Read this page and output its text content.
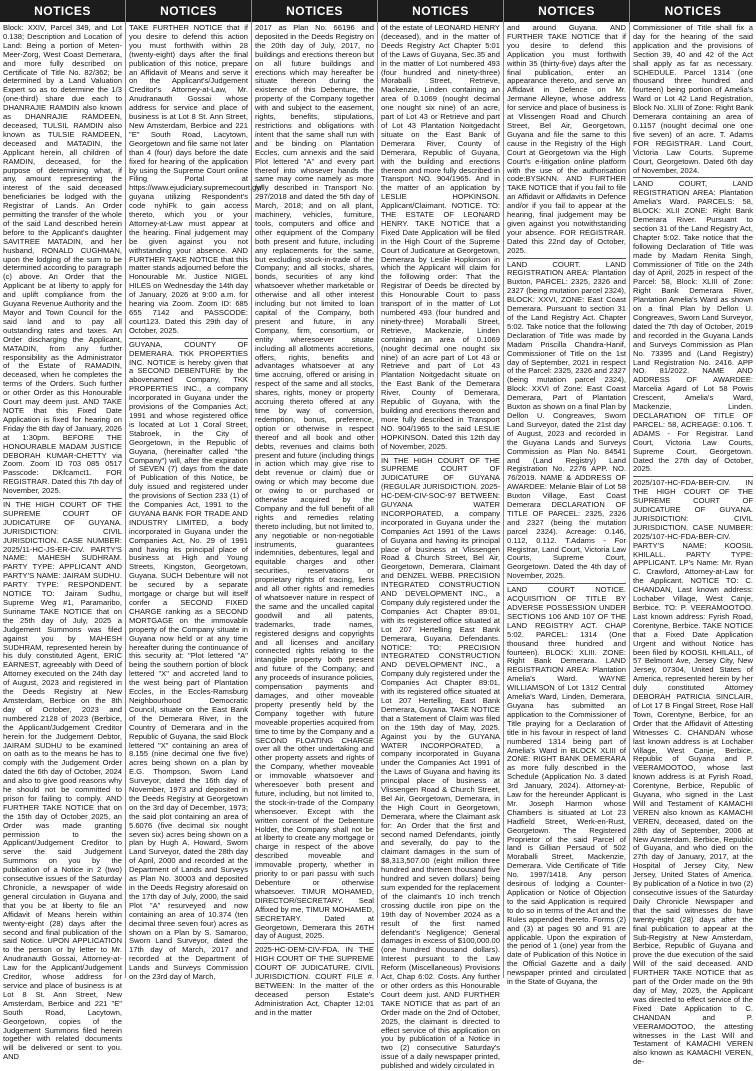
NOTICES

Block: XXIV, Parcel 349, and Lot 0.138; Description and Location of Land: Being a portion of Meten-Meer-Zorg, West Coast Demerara, and more fully described on Certificate of Title No. 82/362; be determined by a Land Valuation Expert so as to determine the 1/3 (one-third) share due each to DHANRAJIE RAMDIN also known as DHANRAJIE RAMDEEN, deceased, TULSIL RAMDIN also known as TULSIE RAMDEEN, deceased and MATADIN, the Applicant herein, all children of RAMDIN, deceased, for the purpose of determining what, if any, amount representing the interest of the said deceased beneficiaries be lodged with the Registrar of Lands. An Order permitting the transfer of the whole of the said Land described herein before to the Applicant's daughter SAVITREE MATADIN, and her husband, RONALD CUGHMAN, upon the lodging of the sum to be determined according to paragraph (c) above. An Order that the Applicant be at liberty to apply for and uplift compliance from the Guyana Revenue Authority and the Mayor and Town Council for the said land and to pay all outstanding rates and taxes. An Order discharging the Applicant, MATADIN, from any further responsibility as the Administrator of the Estate of RAMADIN, deceased, when he completes the terms of the Orders. Such further or other Order as this Honourable Court may deem just. AND TAKE NOTE that this Fixed Date Application is fixed for hearing on Friday the 8th day of January, 2026 at 1:30pm. BEFORE THE HONOURABLE MADAM JUSTICE DEBORAH KUMAR-CHETTY via Zoom. Zoom ID 703 085 0517 Passcode: DKfcamct1. FOR REGISTRAR. Dated this 7th day of November, 2025.

IN THE HIGH COURT OF THE SUPREME COURT OF JUDICATURE OF GUYANA. JURISDICTION: CIVIL JURISDICTION. CASE NUMBER: 2025/11-HC-JS-ER-CIV. PARTY'S NAME: MAHESH SUDHRAM. PARTY TYPE: APPLICANT AND PARTY'S NAME: JAIRAM SUDHU. PARTY TYPE: RESPONDENT. NOTICE TO: Jairam Sudhu, Supreme Weg #1, Paramaribo, Suriname TAKE NOTICE that on the 25th day of July, 2025 a Judgement Summons was filed against you by MAHESH SUDHRAM, represented herein by his duly constituted Agent, ERIC EARNEST, agreeably with Deed of Attorney executed on the 24th day of August, 2023 and registered in the Deeds Registry at New Amsterdam, Berbice on the 8th day of October, 2023 and numbered 2128 of 2023 (Berbice, the Applicant/Judgement Creditor herein for the Judgement Debtor, JAIRAM SUDHU to be examined on oath as to the means he has to comply with the Judgement Order dated the 6th day of October, 2024 and also to give good reasons why he should not be committed to prison for failing to comply. AND FURTHER TAKE NOTICE that on the 15th day of October 2025, an Order was made granting permission to the Applicant/Judgement Creditor to serve the said Judgement Summons on you by the publication of a Notice in 2 (two) consecutive issues of the Saturday Chronicle, a newspaper of wide general circulation in Guyana and that you be at liberty to file an Affidavit of Means herein within twenty-eight (28) days after the second and final publication of the said Notice. UPON APPLICATION to the person or by letter to Mr. Anudranauth Gossai, Attorney-at-Law for the Applicant/Judgement Creditor, whose address for service and place of business is at Lot 8 St. Ann Street, New Amsterdam, Berbice and 221 "E" South Road, Lacytown, Georgetown, copies of the Judgement Summons filed herein together with related documents will be delivered or sent to you. AND

NOTICES

TAKE FURTHER NOTICE that if you desire to defend this action you must forthwith within 28 (twenty-eight) days after the final publication of this notice, prepare an Affidavit of Means and serve it on the Applicant's/Judgement Creditor's Attorney-at-Law, Mr. Anudranauth Gossai whose address for service and place of business is at Lot 8 St. Ann Street, New Amsterdam, Berbice and 221 "E" South Road, Lacytown, Georgetown and file same not later than 4 (four) days before the date fixed for hearing of the application by using the Supreme Court online Filing Portal at https://www.ejudiciary.supremecourt.gy/ guyana utilizing Respondent's code nyhiFk to gain access thereto, which you or your Attorney-at-Law must appear at the hearing. Final judgement may be given against you not withstanding your absence. AND FURTHER TAKE NOTICE that this matter stands adjourned before the Honourable Mr. Justice NIGEL HILES on Wednesday the 14th day of January, 2026 at 9:00 a.m. for hearing via Zoom. Zoom ID: 685 655 7142 and PASSCODE: court123. Dated this 29th day of October, 2025.

GUYANA, COUNTY OF DEMERARA. TKK PROPERTIES INC. NOTICE is hereby given that a SECOND DEBENTURE by the abovenamed Company, TKK PROPERTIES INC., a company incorporated in Guyana under the provisions of the Companies Act, 1991 and whose registered office is located at Lot 1 Coral Street, Stabroek, in the City of Georgetown, in the Republic of Guyana, (hereinafter called "the Company") will, after the expiration of SEVEN (7) days from the date of Publication of this Notice, be duly issued and registered under the provisions of Section 233 (1) of the Companies Act, 1991 to the GUYANA BANK FOR TRADE AND INDUSTRY LIMITED, a body incorporated in Guyana under the Companies Act, No. 29 of 1991 and having its principal place of business at High and Young Streets, Kingston, Georgetown, Guyana. SUCH Debenture will not be secured by a separate mortgage or charge but will itself confer a SECOND FIXED CHARGE ranking as a SECOND MORTGAGE on the immovable property of the Company situate in Guyana now held or at any time hereafter during the continuance of this security at: "Plot lettered "A" being the southern portion of block lettered "X" and accreted land to the west being part of Plantation Eccles, in the Eccles-Ramsburg Neighbourhood Democratic Council, situate on the East Bank of the Demerara River, in the Country of Demerara and in the Republic of Guyana, the said Block lettered "X" containing an area of 8.155 (nine decimal one five five) acres being shown on a plan by E.G. Thompson, Sworn Land Surveyor, dated the 16th day of November, 1973 and deposited in the Deeds Registry at Georgetown on the 3rd day of December, 1973; the said plot containing an area of 5.6076 (five decimal six nought seven six) acres being shown on a plan by Hugh A. Howard, Sworn Land Surveyor, dated the 28th day of April, 2000 and recorded at the Department of Lands and Surveys as Plan No. 30003 and deposited in the Deeds Registry aforesaid on the 17th day of July, 2000, the said Plot "A" resurveyed and now containing an area of 10.374 (ten decimal three seven four) acres as shown on a Plan by S. Samaroo, Sworn Land Surveyor, dated the 17th day of March, 2017 and recorded at the Department of Lands and Surveys Commission on the 23rd day of March,

NOTICES

2017 as Plan No. 66196 and deposited in the Deeds Registry on the 20th day of July, 2017, no buildings and erections thereon but on all future buildings and erections which may hereafter be situate thereon during the existence of this Debenture, the property of the Company together with and subject to the easement, rights, benefits, stipulations, restrictions and obligations with intent that the same shall run with and be binding on Plantation Eccles, cum annexis and the said Plot lettered "A" and every part thereof into whosever hands the same may come namely as more fully described in Transport No. 297/2018 and dated the 5th day of March, 2018; and on all plant, machinery, vehicles, furniture, tools, computers and office and other equipment of the Company both present and future, including any replacements for the same, but excluding stock-in-trade of the Company; and all stocks, shares, bonds, securities of any kind whatsoever whether marketable or otherwise and all other interest including but not limited to loan capital of the Company, both present and future, in any Company, firm, consortium, or entity wheresoever situate including all allotments accretions, offers, rights, benefits and advantages whatsoever at any time accruing, offered or arising in respect of the same and all stocks, shares, rights, money or property accruing thereto offered at any time by way of conversion, redemption, bonus, preference, option or otherwise in respect thereof and all book and other debts, revenues and claims both present and future (including things in action which may give rise to debt revenue or claim) due or owing or which may become due or owing to or purchased or otherwise acquired by the Company and the full benefit of all rights and remedies relating thereto including, but not limited to, any negotiable or non-negotiable instruments, guarantees indemnities, debentures, legal and equitable charges and other securities, reservations or proprietary rights of tracing, liens and all other rights and remedies of whatsoever nature in respect of the same and the uncalled capital goodwill and all patents, trademarks, trade names, registered designs and copyrights and all licenses and ancillary connected rights relating to the intangible property both present and future of the Company; and any proceeds of insurance policies, compensation payments and damages, and other moveable property presently held by the Company together with future moveable properties acquired from time to time by the Company and a SECOND FLOATING CHARGE over all the other undertaking and other property assets and rights of the Company, whether moveable or immovable whatsoever and wheresoever both present and future, including, but not limited to, the stock-in-trade of the Company whensoever. Except with the written consent of the Debenture Holder, the Company shall not be at liberty to create any mortgage or charge in respect of the above described moveable and immovable property, whether in priority to or pari passu with such Debenture or otherwise whatsoever. TIMUR MOHAMED, DIRECTOR/SECRETARY. Seal Affixed by me, TIMUR MOHAMED, SECRETARY. Dated at Georgetown, Demerara this 26TH day of August, 2025.

2025-HC-DEM-CIV-FDA. IN THE HIGH COURT OF THE SUPREME COURT OF JUDICATURE. CIVIL JURISDICTION. COURT FILE #. BETWEEN: In the matter of the deceased person Estate's Administration Act, Chapter 12:01 and in the matter

NOTICES

of the estate of LEONARD HENRY (deceased), and in the matter of Deeds Registry Act Chapter 5:01 of the Laws of Guyana, Sec.35 and in the matter of Lot numbered 493 (four hundred and ninety-three) Moraballi Street, Retrieve, Mackenzie, Linden containing an area of 0.1069 (nought decimal one nought six nine) of an acre, part of Lot 43 or Retrieve and part of Lot 43 Plantation Noitgedacht situate on the East Bank of Demerara River, County of Demerara, Republic of Guyana, with the building and erections thereon and more fully described in Transport NO. 904/1965. And in the matter of an application by LESLIE HOPKINSON. Applicant/Claimant. NOTICE. TO: THE ESTATE OF LEONARD HENRY. TAKE NOTICE that a Fixed Date Application will be filed in the High Court of the Supreme Court of Judicature at Georgetown, Demerara by Leslie Hopkinson in which the Applicant will claim for the following order: That the Registrar of Deeds be directed by this Honourable Court to pass transport of in the matter of Lot numbered 493 (four hundred and ninety-three) Moraballi Street, Retrieve, Mackenzie, Linden containing an area of 0.1069 (nought decimal one nought six nine) of an acre part of Lot 43 or Retrieve and part of Lot 43 Plantation Noitgedacht situate on the East Bank of the Demerara River, County of Demerara, Republic of Guyana, with the building and erections thereon and more fully described in Transport NO. 904/1965 to the said LESLIE HOPKINSON. Dated this 12th day of November, 2025.

IN THE HIGH COURT OF THE SUPREME COURT OF JUDICATURE OF GUYANA (REGULAR JURISDICTION. 2025-HC-DEM-CIV-SOC-97 BETWEEN: GUYANA WATER INCORPORATED, a company incorporated in Guyana under the Companies Act 1991 of the Laws of Guyana and having its principal place of business at Vlissengen Road & Church Street, Bel Air, Georgetown, Demerara, Claimant and DENZEL WEBB. PRECISION INTEGRATED CONSTRUCTION AND DEVELOPMENT INC., a Company duly registered under the Companies Act Chapter 89:01, with its registered office situated at Lot 207 Hertelling East Bank Demerara, Guyana. Defendants. NOTICE: TO: PRECISION INTEGRATED CONSTRUCTION AND DEVELOPMENT INC., a Company duly registered under the Companies Act Chapter 89:01, with its registered office situated at Lot 207 Hertelling, East Bank Demerara, Guyana. TAKE NOTICE that a Statement of Claim was filed on the 19th day of May, 2025. Against you by the GUYANA WATER INCORPORATED, a company incorporated in Guyana under the Companies Act 1991 of the Laws of Guyana and having its principal place of business at Vlissengen Road & Church Street, Bel Air, Georgetown, Demerara, in the High Court in Georgetown, Demerara, where the Claimant ask for: An Order that the first and second named Defendants, jointly and severally, do pay to the claimant damages in the sum of $8,313,507.00 (eight million three hundred and thirteen thousand five hundred and seven dollars) being sum expended for the replacement of the claimant's 10 inch trench crossing ductile iron pipe on the 19th day of November 2024 as a result of the first named defendant's Negligence; General damages in excess of $100,000.00 (one hundred thousand dollars). Interest pursuant to the Law Reform (Miscellaneous) Provisions Act, Chap 6:02. Costs. Any further or other orders as this Honourable Court deem just. AND FURTHER TAKE NOTICE that as part of an Order made on the 2nd of October, 2025, the claimant is directed to effect service of this application on you by publication of a Notice in two (2) consecutive Saturday's issue of a daily newspaper printed, published and widely circulated in

NOTICES

and around Guyana. AND FURTHER TAKE NOTICE that if you desire to defend this Application you must forthwith within 35 (thirty-five) days after the final publication, enter an appearance thereto, and serve an Affidavit in Defence on Mr. Jermane Alleyne, whose address for service and place of business is at Vlissengen Road and Church Street, Bel Air, Georgetown, Guyana and file the same to this cause in the Registry of the High Court at Georgetown via the High Court's e-litigation online platform with the use of the authorisation code:BYSKNN. AND FURTHER TAKE NOTICE that if you fail to file an Affidavit or Affidavits in Defence and/or if you fail to appear at the hearing, final judgement may be given against you notwithstanding your absence. FOR REGISTRAR. Dated this 22nd day of October, 2025.

LAND COURT. LAND REGISTRATION AREA: Plantation Buxton, PARCEL: 2325, 2326 and 2327 (being mutation parcel 2324), BLOCK: XXVI, ZONE: East Coast Demerara. Pursuant to section 31 of the Land Registry Act. Chapter 5:02. Take notice that the following Declaration of Title was made by Madam Priscilla Chandra-Hanif, Commissioner of Title on the 1st day of September, 2021 in respect of the Parcel: 2325, 2326 and 2327 (being mutation parcel 2324), Block: XXVI of Zone: East Coast Demerara, Part of Plantation Buxton as shown on a final Plan by Dellon U. Congreaves, Sworn Land Surveyor, dated the 21st day of August, 2023 and recorded in the Guyana Lands and Surveys Commission as Plan No. 84541 and (Land Registry) Land Registration No. 2276 APP. NO. 76/2019. NAME & ADDRESS OF AWARDEE: Melanie Blair of Lot 58 Buxton Village, East Coast Demerara DECLARATION OF TITLE OF PARCEL: 2325, 2326 and 2327 (being the mutation parcel 2324). Acreage: 0.146, 0.112, 0.112. T.Adams - For Registrar, Land Court, Victoria Law Courts, Supreme Court, Georgetown. Dated the 4th day of November, 2025.

LAND COURT NOTICE. ACQUISITION OF TITLE BY ADVERSE POSSESSION UNDER SECTIONS 106 AND 107 OF THE LAND REGISTRY ACT. CHAP 5:02. PARCEL: 1314 (One thousand three hundred and fourteen). BLOCK: XLIII. ZONE: Right Bank Demerara. LAND REGISTRATION AREA: Plantation Amelia's Ward. WAYNE WILLIAMSON of Lot 1312 Central Amelia's Ward, Linden, Demerara, Guyana has submitted an application to the Commissioner of Title praying for a Declaration of title in his favour in respect of land numbered 1314 being part of Amelia's Ward in BLOCK XLIII of ZONE: RIGHT BANK DEMERARA as more fully described in the Schedule (Application No. 3 dated 3rd January, 2024). Attorney-at-Law for the hereunder Applicant is Mr. Joseph Harmon whose Chambers is situated at Lot 23 Hadfield Street, Werk-en-Rust, Georgetown. The Registered Proprietor of the said Parcel of land is Gillian Persaud of 502 Moraballi Street, Mackenzie, Demerara. Vide Certificate of Title No. 1997/1418. Any person desirous of lodging a Counter-Application or Notice of Objection to the said Application is required to do so in terms of the Act and the Rules appended thereto. Forms (2) and (3) at pages 90 and 91 are applicable. Upon the expiration of the period of 1 (one) year from the date of Publication of this Notice in the Official Gazette and a daily newspaper printed and circulated in the State of Guyana, the

NOTICES

Commissioner of Title shall fix a day for the hearing of the said application and the provisions of Section 39, 40 and 42 of the Act shall apply as far as necessary. SCHEDULE. Parcel 1314 (one thousand three hundred and fourteen) being portion of Amelia's Ward or Lot 42 Land Registration, Block No. XLIII of Zone: Right Bank Demerara containing an area of 0.1157 (nought decimal one one five seven) of an acre. T. Adams FOR REGISTRAR. Land Court, Victoria Law Courts. Supreme Court, Georgetown. Dated 6th day of November, 2024.

LAND COURT, LAND REGISTRATION AREA: Plantation Amelia's Ward. PARCELS: 58, BLOCK: XLII ZONE: Right Bank Demerara River. Pursuant to section 31 of the Land Registry Act, Chapter 5:02. Take notice that the following Declaration of Title was made by Madam Renita Singh, Commissioner of Title on the 24th day of April, 2025 in respect of the Parcel: 58, Block: XLIII of Zone: Right Bank Demerara River, Plantation Amelia's Ward as shown on a final Plan by Dellon U. Congreaves, Sworn Land Surveyor, dated the 7th day of October, 2019 and recorded in the Guyana Lands and Surveys Commission as Plan No. 73395 and (Land Registry) Land Registration No. 2416. APP NO. 81/2022. NAME AND ADDRESS OF AWARDEE: Marcelia Agard of Lot 58 Powis Crescent, Amelia's Ward, Mackenzie, Linden. DECLARATION OF TITLE OF PARCEL: 58, ACREAGE: 0.106. T. ADAMS - For Registrar. Land Court, Victoria Law Courts, Supreme Court, Georgetown. Dated the 27th day of October, 2025.

2025/107-HC-FDA-BER-CIV. IN THE HIGH COURT OF THE SUPREME COURT OF JUDICATURE OF GUYANA. JURISDICTION: CIVIL JURISDICTION. CASE NUMBER: 2025/107-HC-FDA-BER-CIV. PARTY'S NAME: KOOSIL KHILALL. PARTY TYPE: APPLICANT. LP's Name: Mr. Ryan C. Crawford, Attorney-at-Law for the Applicant. NOTICE TO: C. CHANDAN, Last known address: Lochaber Village, West Canje, Berbice. TO: P. VEERAMOOTOO. Last known address: Fyrish Road, Corentyne, Berbice. TAKE NOTICE that a Fixed Date Application Urgent and without Notice has been filed by KOOSIL KHILALL, of 57 Belmont Ave, Jersey City, New Jersey, 07304, United States of America, represented herein by her duly constituted Attorney DEBORAH PATRICIA SINCLAIR, of Lot 17 B Fingal Street, Rose Hall Town, Corentyne, Berbice, for an Order that the Affidavit of Attesting Witnesses C. CHANDAN whose last known address is at Lochaber Village, West Canje, Berbice, Republic of Guyana and P. VEERAMOOTOO, whose last known address is at Fyrish Road, Corentyne, Berbice, Republic of Guyana, who signed in the Last Will and Testament of KAMACHI VEREN also known as KAMACHI VEREN, deceased, dated on the 28th day of September, 2006 at New Amsterdam, Berbice, Republic of Guyana, and who died on the 27th day of January, 2017, at the Hospital of Jersey City, New Jersey, United States of America. By publication of a Notice in two (2) consecutive issues of the Saturday Daily Chronicle Newspaper and that the said witnesses do have twenty-eight (28) days after the final publication to appear at the Sub-Registry at New Amsterdam, Berbice, Republic of Guyana and prove the due execution of the said Will of the said deceased. AND FURTHER TAKE NOTICE that as part of the Order made on the 9th day of May, 2025, the Applicant was directed to effect service of the Fixed Date Application to C. CHANDAN and P. VEERAMOOTOO, the attesting witnesses in the Last Will and Testament of KAMACHI VEREN also known as KAMACHI VEREN, de-
